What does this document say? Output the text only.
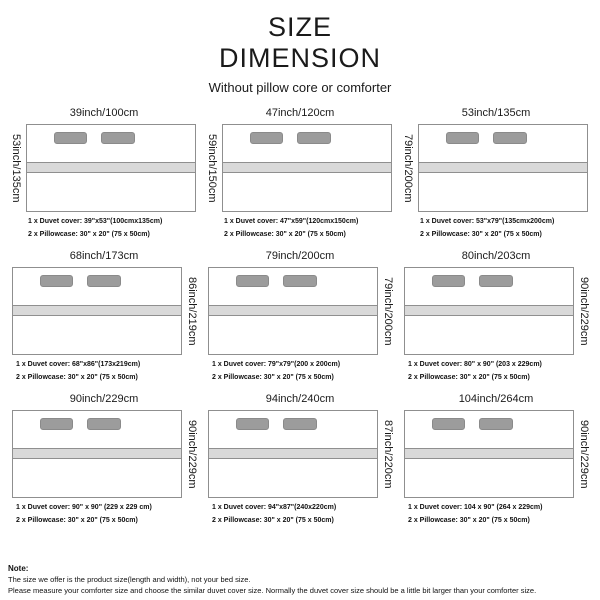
SIZE
DIMENSION
Without pillow core or comforter
39inch/100cm
53inch/135cm
1 x Duvet cover: 39"x53"(100cmx135cm)
2 x Pillowcase: 30" x 20" (75 x 50cm)
47inch/120cm
59inch/150cm
1 x Duvet cover: 47"x59"(120cmx150cm)
2 x Pillowcase: 30" x 20" (75 x 50cm)
53inch/135cm
79inch/200cm
1 x Duvet cover: 53"x79"(135cmx200cm)
2 x Pillowcase: 30" x 20" (75 x 50cm)
68inch/173cm
86inch/219cm
1 x Duvet cover: 68"x86"(173x219cm)
2 x Pillowcase: 30" x 20" (75 x 50cm)
79inch/200cm
79inch/200cm
1 x Duvet cover: 79"x79"(200 x 200cm)
2 x Pillowcase: 30" x 20" (75 x 50cm)
80inch/203cm
90inch/229cm
1 x Duvet cover: 80" x 90" (203 x 229cm)
2 x Pillowcase: 30" x 20" (75 x 50cm)
90inch/229cm
90inch/229cm
1 x Duvet cover: 90" x 90" (229 x 229 cm)
2 x Pillowcase: 30" x 20" (75 x 50cm)
94inch/240cm
87inch/220cm
1 x Duvet cover: 94"x87"(240x220cm)
2 x Pillowcase: 30" x 20" (75 x 50cm)
104inch/264cm
90inch/229cm
1 x Duvet cover: 104 x 90" (264 x 229cm)
2 x Pillowcase: 30" x 20" (75 x 50cm)
Note:
The size we offer is the product size(length and width), not your bed size.
Please measure your comforter size and choose the similar duvet cover size. Normally the duvet cover size should be a little bit larger than your comforter size.
